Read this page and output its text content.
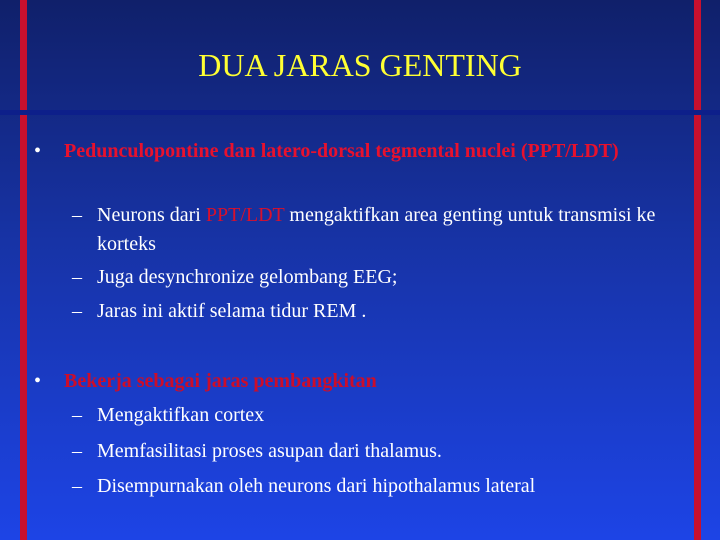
DUA JARAS GENTING
• Pedunculopontine dan latero-dorsal tegmental nuclei (PPT/LDT)
– Neurons dari PPT/LDT mengaktifkan area genting untuk transmisi ke korteks
– Juga desynchronize gelombang EEG;
– Jaras ini aktif selama tidur REM .
• Bekerja sebagai jaras pembangkitan
– Mengaktifkan cortex
– Memfasilitasi proses asupan dari thalamus.
– Disempurnakan oleh neurons dari hipothalamus lateral
